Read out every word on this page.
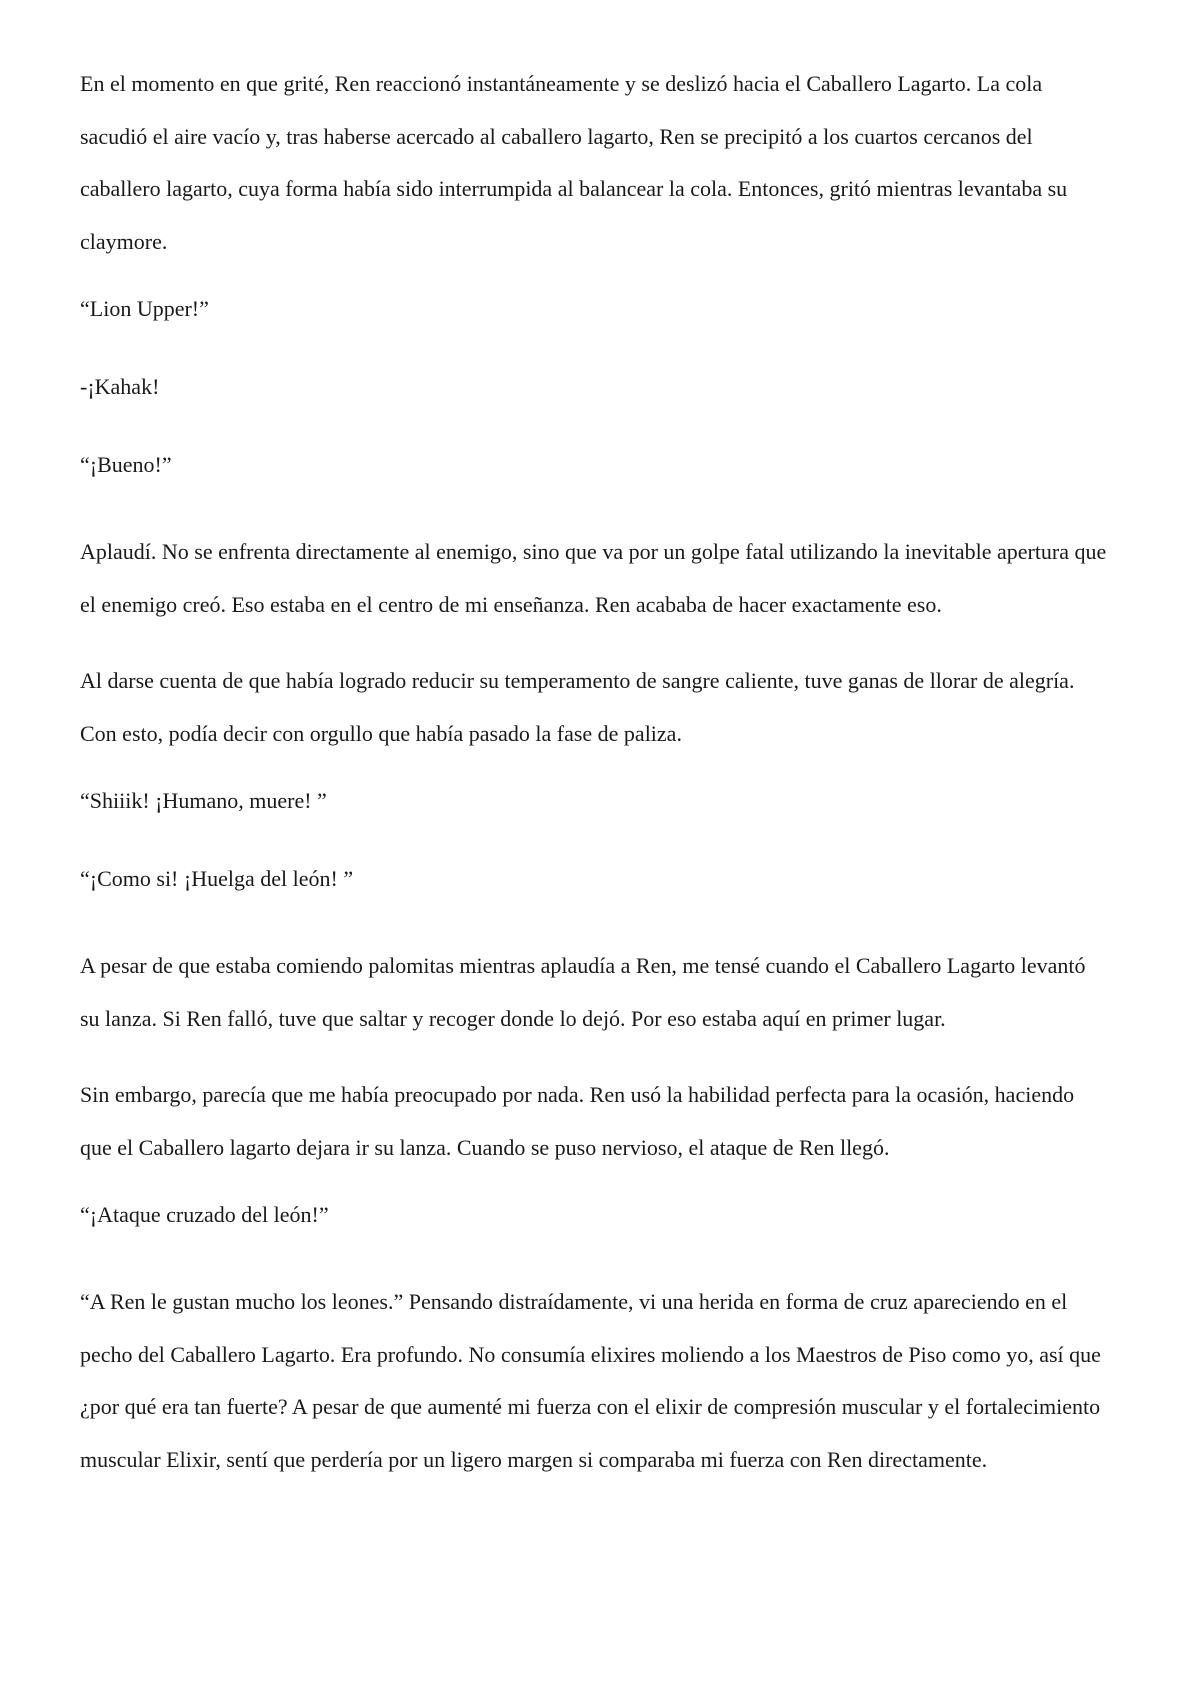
En el momento en que grité, Ren reaccionó instantáneamente y se deslizó hacia el Caballero Lagarto. La cola sacudió el aire vacío y, tras haberse acercado al caballero lagarto, Ren se precipitó a los cuartos cercanos del caballero lagarto, cuya forma había sido interrumpida al balancear la cola. Entonces, gritó mientras levantaba su claymore.

“Lion Upper!”

-¡Kahak!

“¡Bueno!”

Aplaudí. No se enfrenta directamente al enemigo, sino que va por un golpe fatal utilizando la inevitable apertura que el enemigo creó. Eso estaba en el centro de mi enseñanza. Ren acababa de hacer exactamente eso.

Al darse cuenta de que había logrado reducir su temperamento de sangre caliente, tuve ganas de llorar de alegría. Con esto, podía decir con orgullo que había pasado la fase de paliza.

“Shiiik! ¡Humano, muere! ”

“¡Como si! ¡Huelga del león! ”

A pesar de que estaba comiendo palomitas mientras aplaudía a Ren, me tensé cuando el Caballero Lagarto levantó su lanza. Si Ren falló, tuve que saltar y recoger donde lo dejó. Por eso estaba aquí en primer lugar.

Sin embargo, parecía que me había preocupado por nada. Ren usó la habilidad perfecta para la ocasión, haciendo que el Caballero lagarto dejara ir su lanza. Cuando se puso nervioso, el ataque de Ren llegó.

“¡Ataque cruzado del león!”

“A Ren le gustan mucho los leones.” Pensando distraídamente, vi una herida en forma de cruz apareciendo en el pecho del Caballero Lagarto. Era profundo. No consumía elixires moliendo a los Maestros de Piso como yo, así que ¿por qué era tan fuerte? A pesar de que aumenté mi fuerza con el elixir de compresión muscular y el fortalecimiento muscular Elixir, sentí que perdería por un ligero margen si comparaba mi fuerza con Ren directamente.
